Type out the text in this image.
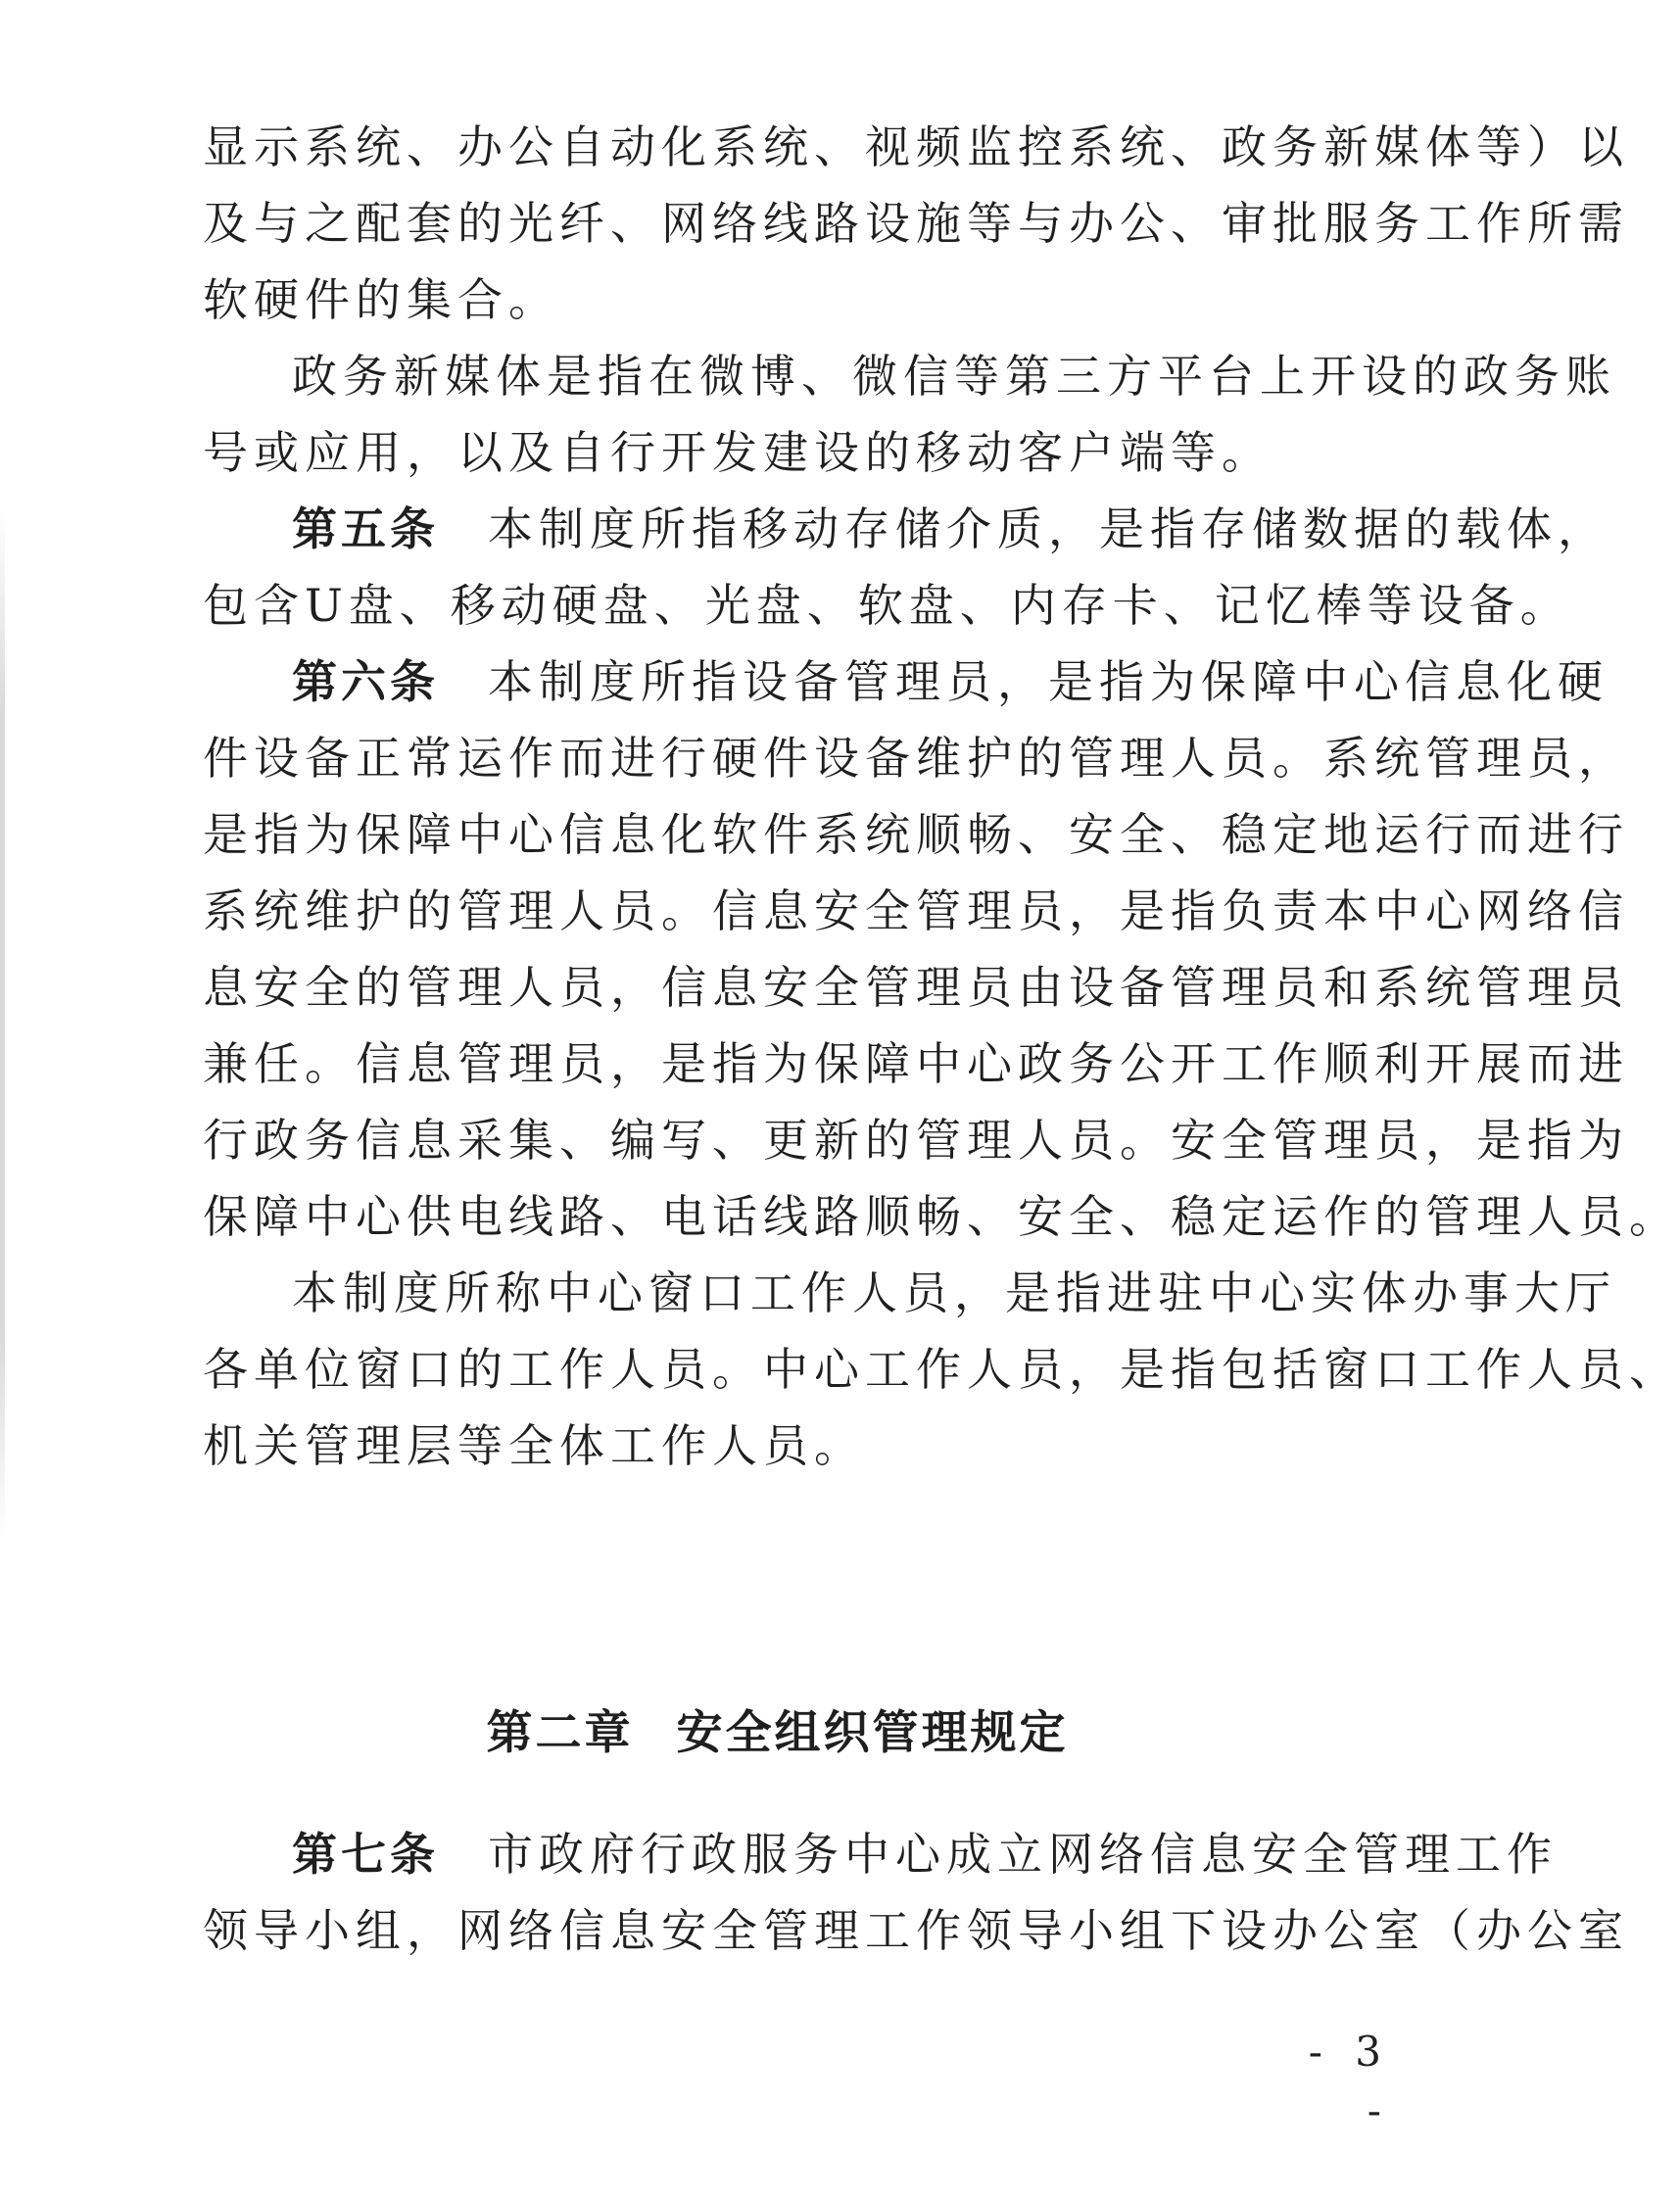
显示系统、办公自动化系统、视频监控系统、政务新媒体等）以
及与之配套的光纤、网络线路设施等与办公、审批服务工作所需
软硬件的集合。
政务新媒体是指在微博、微信等第三方平台上开设的政务账
号或应用，以及自行开发建设的移动客户端等。
第五条 本制度所指移动存储介质，是指存储数据的载体，
包含U盘、移动硬盘、光盘、软盘、内存卡、记忆棒等设备。
第六条 本制度所指设备管理员，是指为保障中心信息化硬
件设备正常运作而进行硬件设备维护的管理人员。系统管理员，
是指为保障中心信息化软件系统顺畅、安全、稳定地运行而进行
系统维护的管理人员。信息安全管理员，是指负责本中心网络信
息安全的管理人员，信息安全管理员由设备管理员和系统管理员
兼任。信息管理员，是指为保障中心政务公开工作顺利开展而进
行政务信息采集、编写、更新的管理人员。安全管理员，是指为
保障中心供电线路、电话线路顺畅、安全、稳定运作的管理人员。
本制度所称中心窗口工作人员，是指进驻中心实体办事大厅
各单位窗口的工作人员。中心工作人员，是指包括窗口工作人员、
机关管理层等全体工作人员。
第二章 安全组织管理规定
第七条 市政府行政服务中心成立网络信息安全管理工作
领导小组，网络信息安全管理工作领导小组下设办公室（办公室
- 3 -
